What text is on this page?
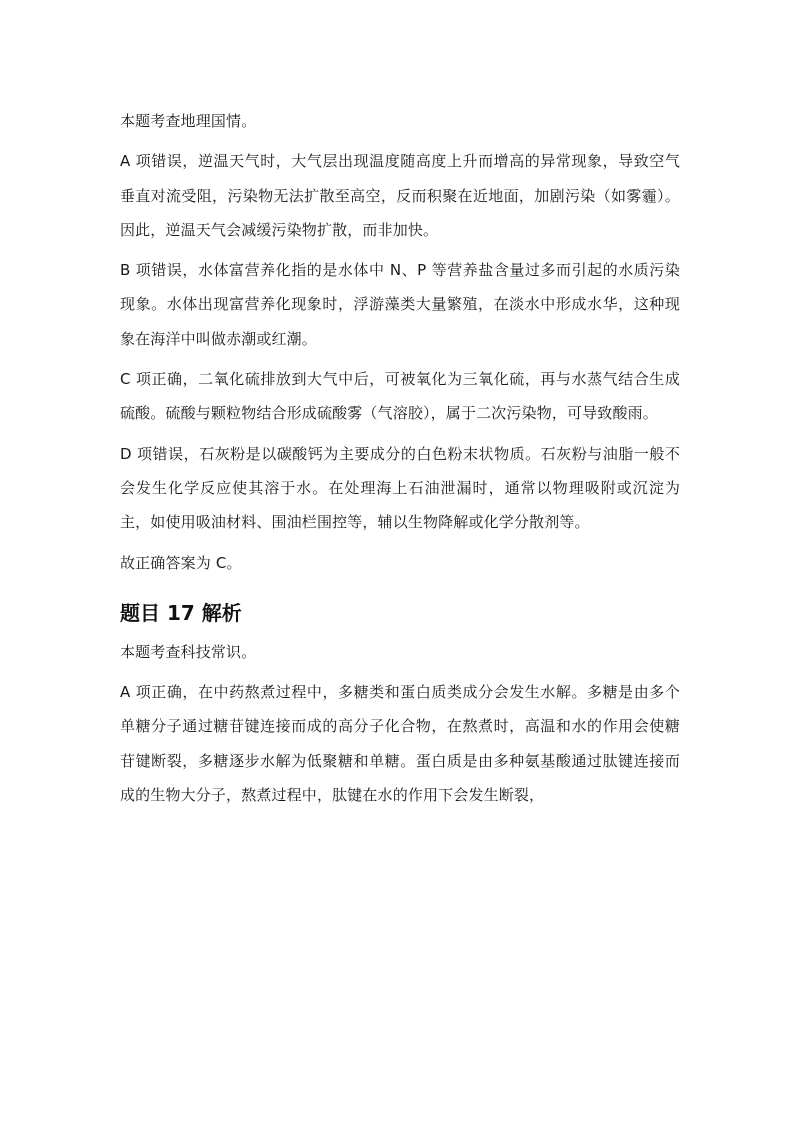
本题考查地理国情。

A 项错误，逆温天气时，大气层出现温度随高度上升而增高的异常现象，导致空气垂直对流受阻，污染物无法扩散至高空，反而积聚在近地面，加剧污染（如雾霾）。因此，逆温天气会减缓污染物扩散，而非加快。

B 项错误，水体富营养化指的是水体中 N、P 等营养盐含量过多而引起的水质污染现象。水体出现富营养化现象时，浮游藻类大量繁殖，在淡水中形成水华，这种现象在海洋中叫做赤潮或红潮。

C 项正确，二氧化硫排放到大气中后，可被氧化为三氧化硫，再与水蒸气结合生成硫酸。硫酸与颗粒物结合形成硫酸雾（气溶胶），属于二次污染物，可导致酸雨。

D 项错误，石灰粉是以碳酸钙为主要成分的白色粉末状物质。石灰粉与油脂一般不会发生化学反应使其溶于水。在处理海上石油泄漏时，通常以物理吸附或沉淀为主，如使用吸油材料、围油栏围控等，辅以生物降解或化学分散剂等。

故正确答案为 C。

题目 17 解析

本题考查科技常识。

A 项正确，在中药熬煮过程中，多糖类和蛋白质类成分会发生水解。多糖是由多个单糖分子通过糖苷键连接而成的高分子化合物，在熬煮时，高温和水的作用会使糖苷键断裂，多糖逐步水解为低聚糖和单糖。蛋白质是由多种氨基酸通过肽键连接而成的生物大分子，熬煮过程中，肽键在水的作用下会发生断裂，
